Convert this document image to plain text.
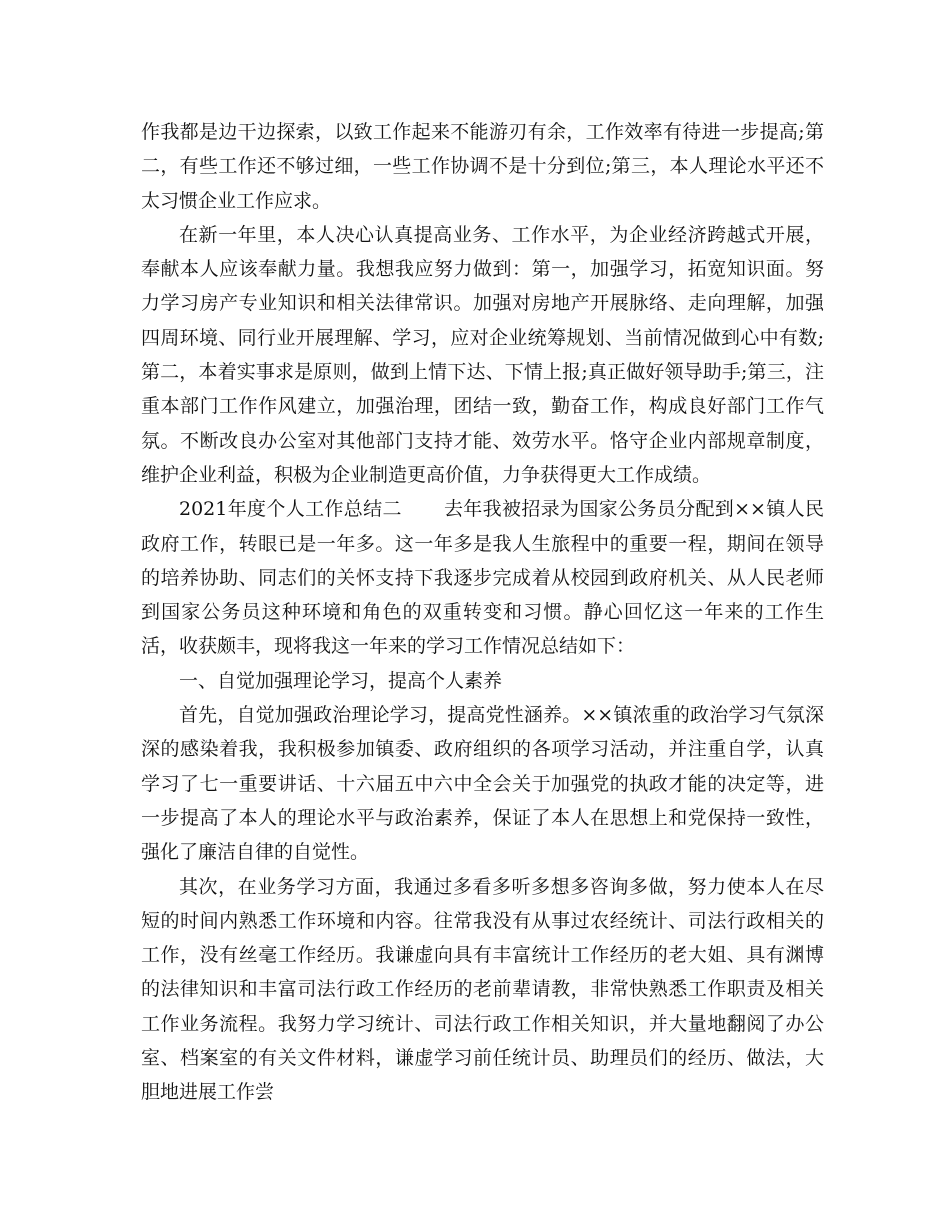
作我都是边干边探索，以致工作起来不能游刃有余，工作效率有待进一步提高;第二，有些工作还不够过细，一些工作协调不是十分到位;第三，本人理论水平还不太习惯企业工作应求。

在新一年里，本人决心认真提高业务、工作水平，为企业经济跨越式开展，奉献本人应该奉献力量。我想我应努力做到：第一，加强学习，拓宽知识面。努力学习房产专业知识和相关法律常识。加强对房地产开展脉络、走向理解，加强四周环境、同行业开展理解、学习，应对企业统筹规划、当前情况做到心中有数;第二，本着实事求是原则，做到上情下达、下情上报;真正做好领导助手;第三，注重本部门工作作风建立，加强治理，团结一致，勤奋工作，构成良好部门工作气氛。不断改良办公室对其他部门支持才能、效劳水平。恪守企业内部规章制度，维护企业利益，积极为企业制造更高价值，力争获得更大工作成绩。

2021年度个人工作总结二 去年我被招录为国家公务员分配到××镇人民政府工作，转眼已是一年多。这一年多是我人生旅程中的重要一程，期间在领导的培养协助、同志们的关怀支持下我逐步完成着从校园到政府机关、从人民老师到国家公务员这种环境和角色的双重转变和习惯。静心回忆这一年来的工作生活，收获颇丰，现将我这一年来的学习工作情况总结如下：

一、自觉加强理论学习，提高个人素养

首先，自觉加强政治理论学习，提高党性涵养。××镇浓重的政治学习气氛深深的感染着我，我积极参加镇委、政府组织的各项学习活动，并注重自学，认真学习了七一重要讲话、十六届五中六中全会关于加强党的执政才能的决定等，进一步提高了本人的理论水平与政治素养，保证了本人在思想上和党保持一致性，强化了廉洁自律的自觉性。

其次，在业务学习方面，我通过多看多听多想多咨询多做，努力使本人在尽短的时间内熟悉工作环境和内容。往常我没有从事过农经统计、司法行政相关的工作，没有丝毫工作经历。我谦虚向具有丰富统计工作经历的老大姐、具有渊博的法律知识和丰富司法行政工作经历的老前辈请教，非常快熟悉工作职责及相关工作业务流程。我努力学习统计、司法行政工作相关知识，并大量地翻阅了办公室、档案室的有关文件材料，谦虚学习前任统计员、助理员们的经历、做法，大胆地进展工作尝
